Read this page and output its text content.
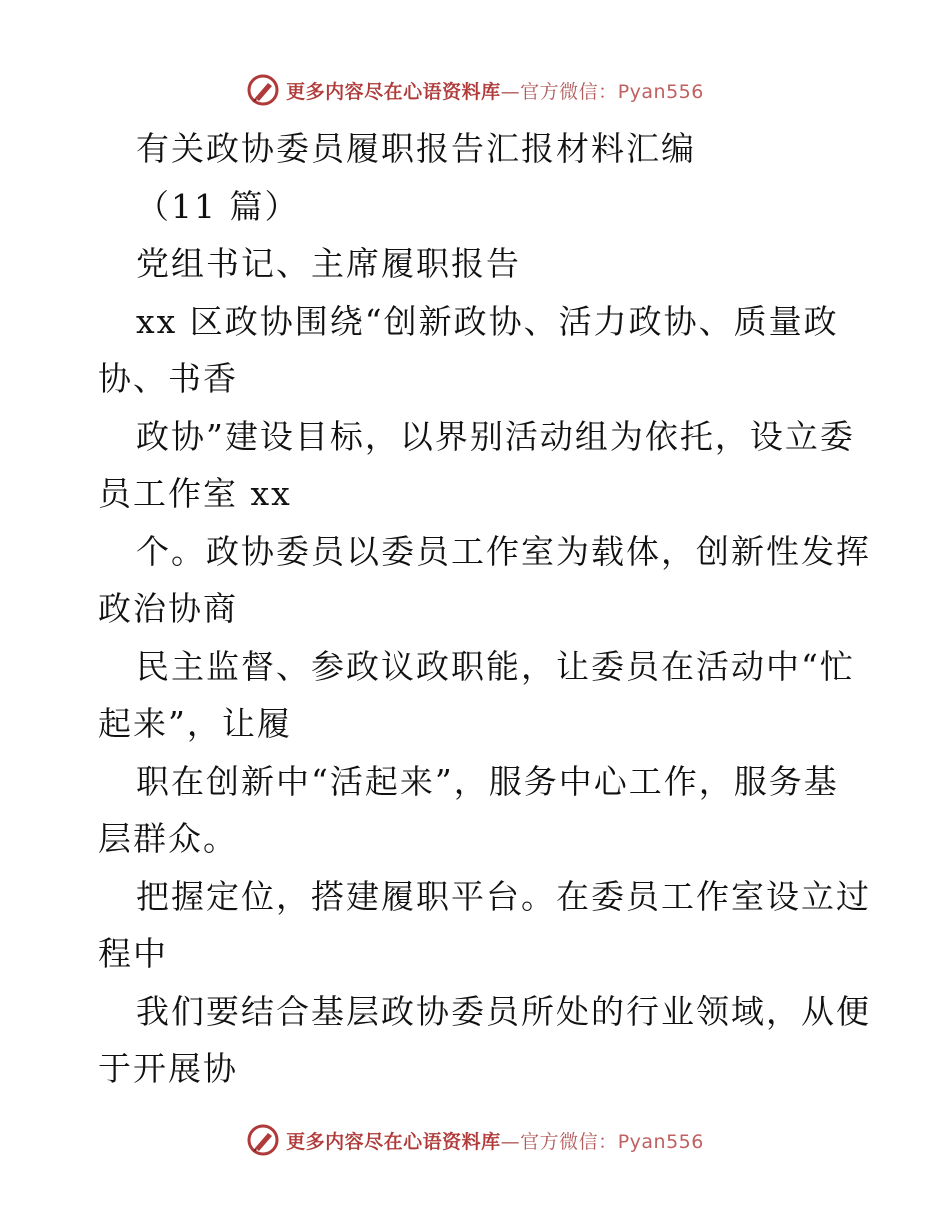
更多内容尽在心语资料库—官方微信：Pyan556
有关政协委员履职报告汇报材料汇编
（11 篇）
党组书记、主席履职报告
xx 区政协围绕“创新政协、活力政协、质量政
协、书香
政协”建设目标，以界别活动组为依托，设立委
员工作室 xx
个。政协委员以委员工作室为载体，创新性发挥
政治协商
民主监督、参政议政职能，让委员在活动中“忙
起来”，让履
职在创新中“活起来”，服务中心工作，服务基
层群众。
把握定位，搭建履职平台。在委员工作室设立过
程中
我们要结合基层政协委员所处的行业领域，从便
于开展协
更多内容尽在心语资料库—官方微信：Pyan556
